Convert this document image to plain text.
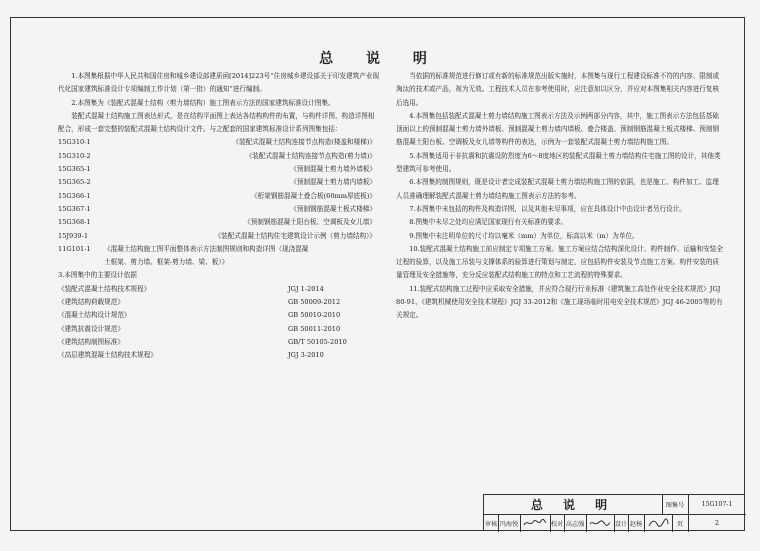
总 说 明

1.本图集根据中华人民共和国住房和城乡建设部建质函[2014]223号“住房城乡建设部关于印发建筑产业现代化国家建筑标准设计专项编制工作计划（第一批）的通知”进行编制。

2.本图集为《装配式混凝土结构（剪力墙结构）施工图表示方法的国家建筑标准设计图集。

装配式混凝土结构施工图表达形式，是在结构平面图上表达各结构构件的布置，与构件详图、构造详图相配合，形成一套完整的装配式混凝土结构设计文件。与之配套的国家建筑标准设计系列图集包括：

15G310-1	《装配式混凝土结构连接节点构造(楼盖和楼梯)》
15G310-2	《装配式混凝土结构连接节点构造(剪力墙)》
15G365-1	《预制混凝土剪力墙外墙板》
15G365-2	《预制混凝土剪力墙内墙板》
15G366-1	《桁架钢筋混凝土叠合板(60mm厚底板)》
15G367-1	《预制钢筋混凝土板式楼梯》
15G368-1	《预制钢筋混凝土阳台板、空调板及女儿墙》
15J939-1	《装配式混凝土结构住宅建筑设计示例（剪力墙结构）》
11G101-1	《混凝土结构施工图平面整体表示方法制图规则和构造详图（现浇混凝
土框架、剪力墙、框架-剪力墙、梁、板）》

3.本图集中的主要设计依据

《装配式混凝土结构技术规程》	JGJ 1-2014
《建筑结构荷载规范》	GB 50009-2012
《混凝土结构设计规范》	GB 50010-2010
《建筑抗震设计规范》	GB 50011-2010
《建筑结构制图标准》	GB/T 50105-2010
《高层建筑混凝土结构技术规程》	JGJ 3-2010

当依据的标准规范进行修订或有新的标准规范出版实施时，本图集与现行工程建设标准不符的内容、限制或淘汰的技术或产品，视为无效。工程技术人员在参考使用时，应注意加以区分，并应对本图集相关内容进行复核后选用。

4.本图集包括装配式混凝土剪力墙结构施工图表示方法及示例两部分内容，其中，施工图表示方法包括基础顶面以上的预制混凝土剪力墙外墙板、预制混凝土剪力墙内墙板、叠合楼盖、预制钢筋混凝土板式楼梯、预制钢筋混凝土阳台板、空调板及女儿墙等构件的表达，示例为一套装配式混凝土剪力墙结构施工图。

5.本图集适用于非抗震和抗震设防烈度为6～8度地区的装配式混凝土剪力墙结构住宅施工图的设计，其他类型建筑可参考使用。

6.本图集的制图规则，既是设计者完成装配式混凝土剪力墙结构施工图的依据，也是施工、构件加工、监理人员准确理解装配式混凝土剪力墙结构施工图表示方法的参考。

7.本图集中未包括的构件及构造详图，以及其他未尽事项，应在具体设计中由设计者另行设计。

8.图集中未尽之处均应满足国家现行有关标准的要求。

9.图集中未注明单位的尺寸均以毫米（mm）为单位，标高以米（m）为单位。

10.装配式混凝土结构施工前应制定专项施工方案。施工方案应结合结构深化设计、构件制作、运输和安装全过程的验算，以及施工吊装与支撑体系的验算进行策划与制定，应包括构件安装及节点施工方案、构件安装的质量管理及安全措施等，充分反应装配式结构施工的特点和工艺流程的特殊要求。

11.装配式结构施工过程中应采取安全措施，并应符合现行行业标准《建筑施工高处作业安全技术规范》JGJ 80-91、《建筑机械使用安全技术规程》JGJ 33-2012和《施工现场临时用电安全技术规范》JGJ 46-2005等的有关规定。

总 说 明	图集号	15G107-1
审核 冯海悦	校对 高志强	设计 赵杨	页	2
